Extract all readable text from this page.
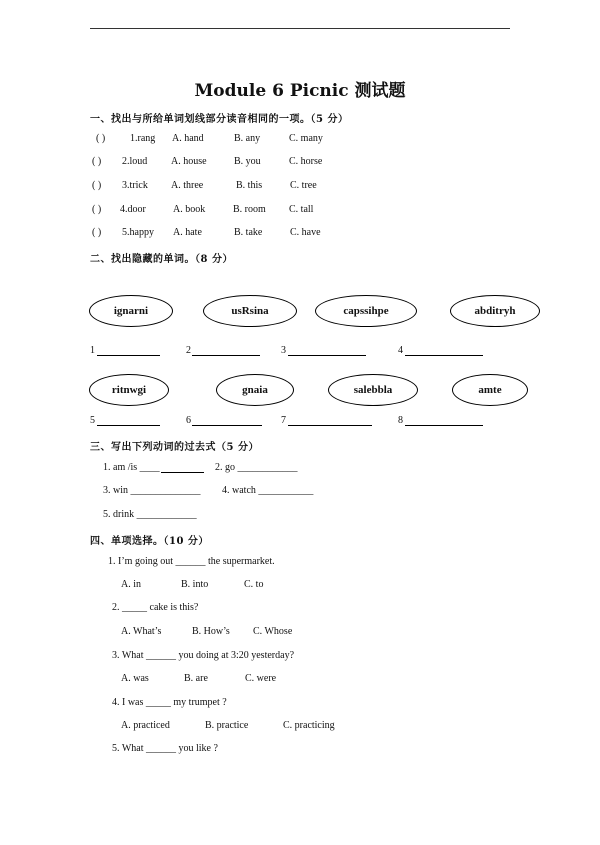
Module 6 Picnic 测试题
一、找出与所给单词划线部分读音相同的一项。（5 分）
( ) 1.rang A. hand	B. any	C. many
( ) 2.loud A. house	B. you	C. horse
( ) 3.trick A. three	B. this	C. tree
( ) 4.door	A. book	B. room C. tall
( ) 5.happy A. hate	B. take	C. have
二、找出隐藏的单词。（8 分）
ignarni	usRsina	capssihpe	abditryh
1	2	3	4
ritnwgi	gnaia	salebbla	amte
5	6	7	8
三、写出下列动词的过去式（5 分）
1. am /is ____	2. go ____________
3. win ______________ 4. watch ___________
5. drink ____________
四、单项选择。（10 分）
1. I’m going out ______ the supermarket.
A. in	B. into	C. to
2. _____ cake is this?
A. What’s	B. How’s C. Whose
3. What ______ you doing at 3:20 yesterday?
A. was	B. are	C. were
4. I was _____ my trumpet ?
A. practiced	B. practice	C. practicing
5. What ______ you like ?
